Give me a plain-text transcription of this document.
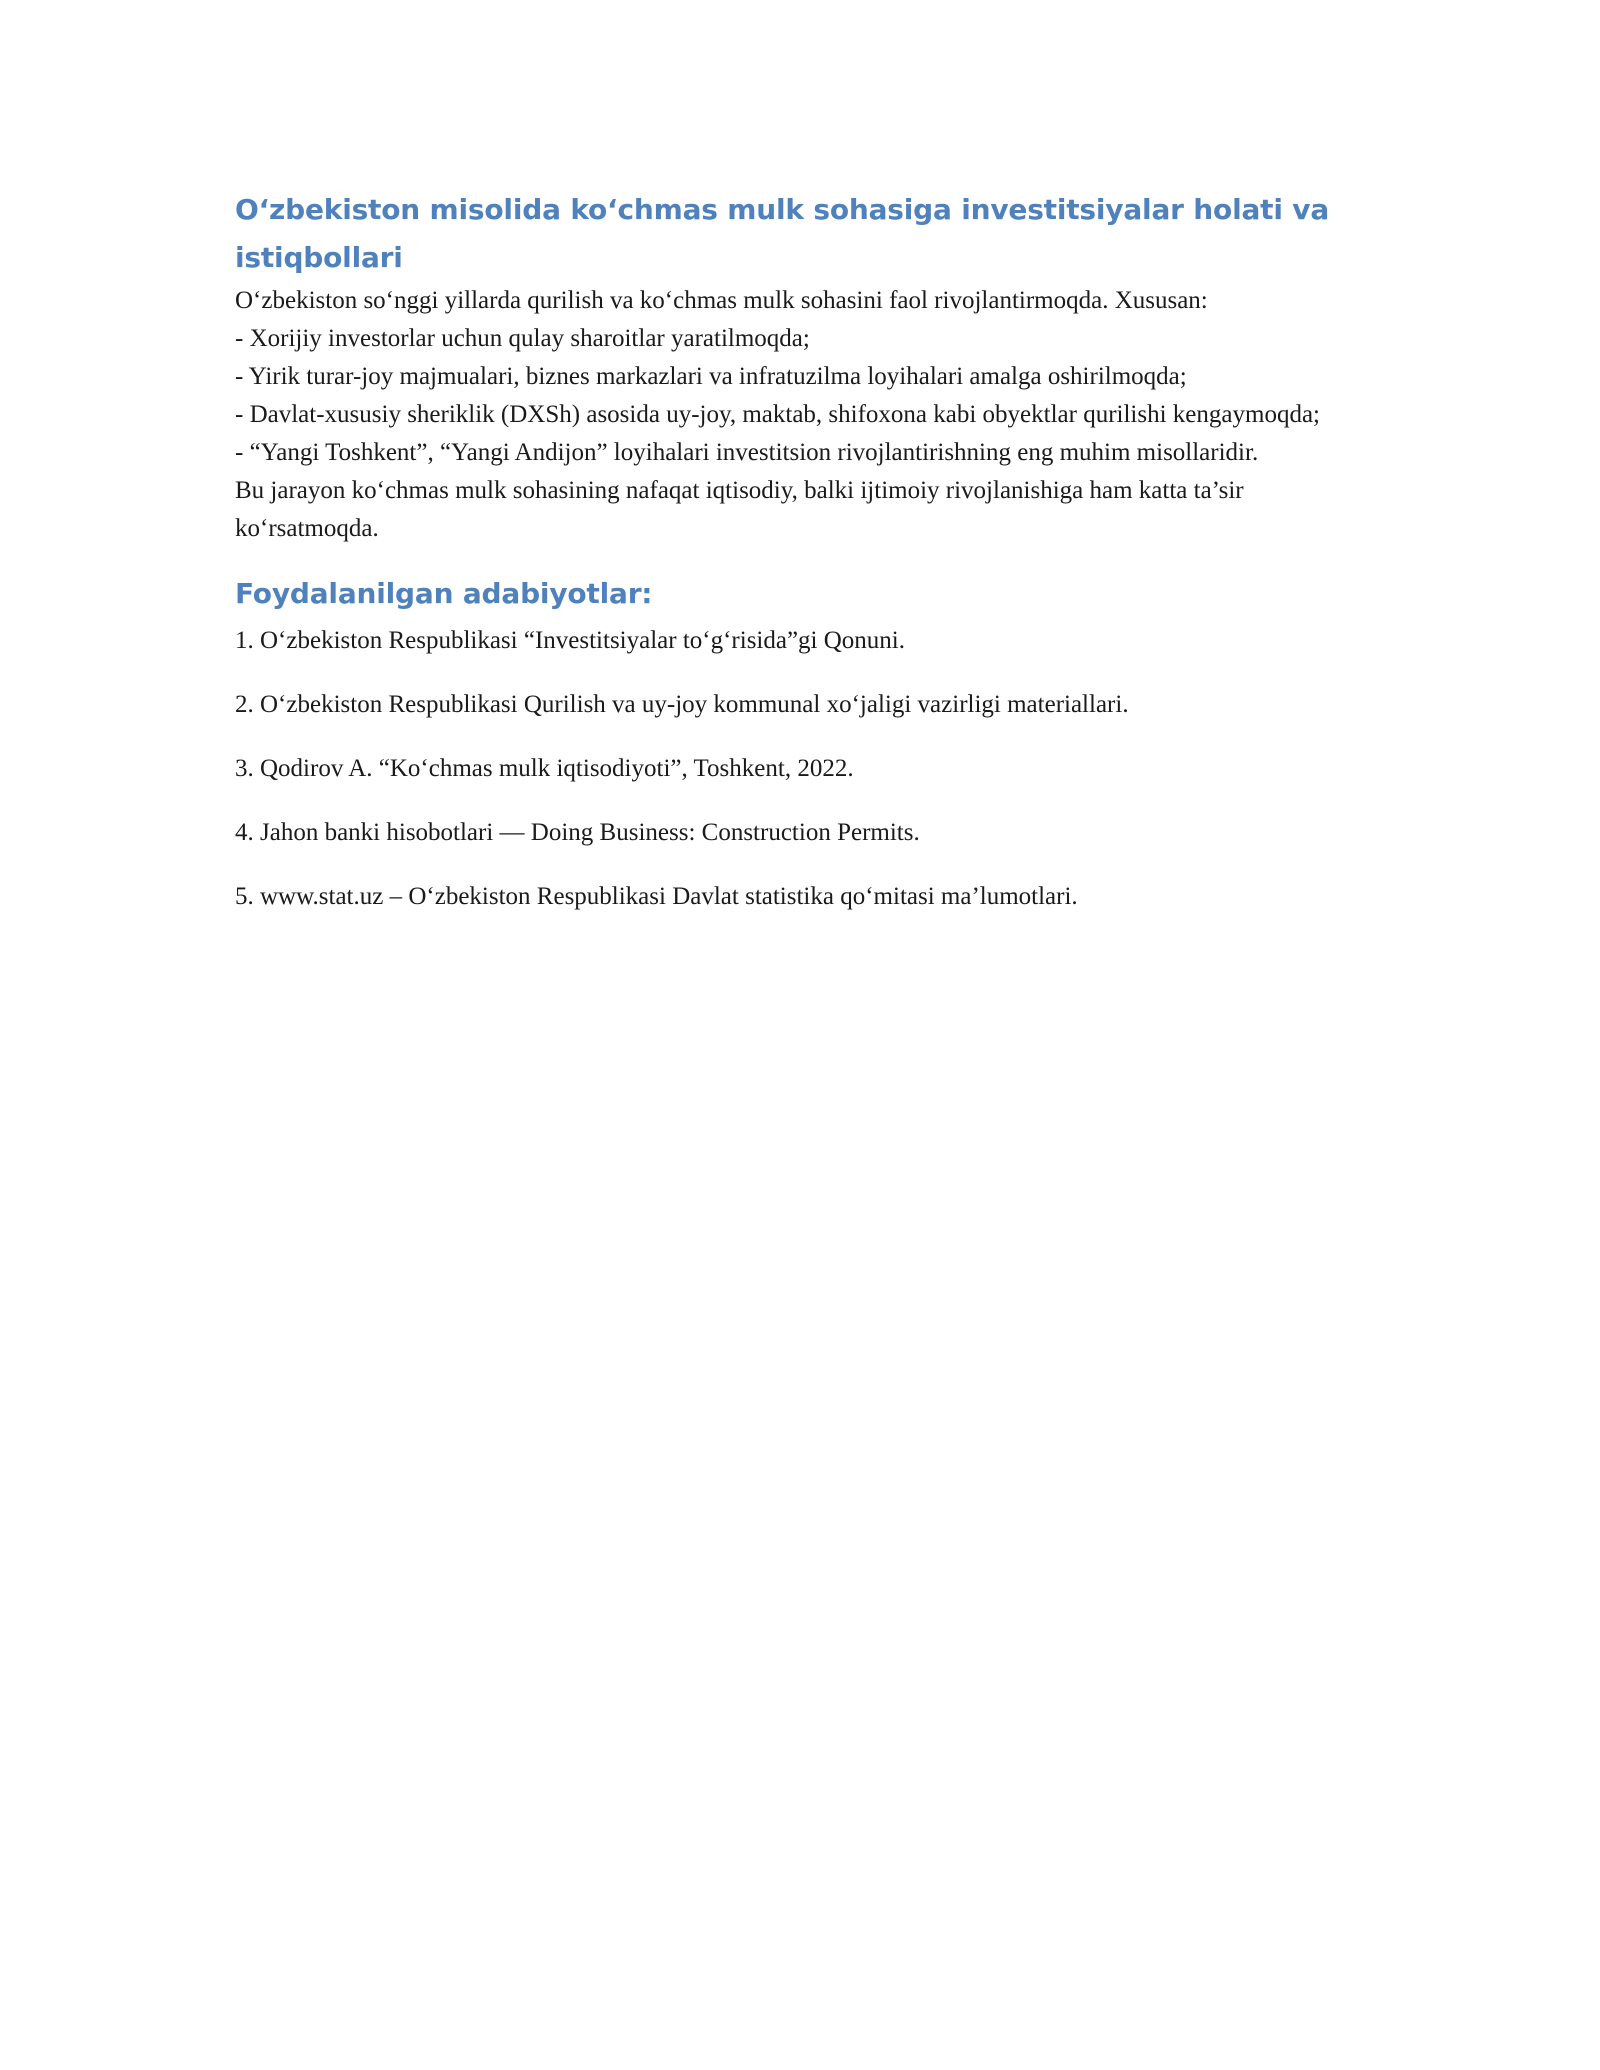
O‘zbekiston misolida ko‘chmas mulk sohasiga investitsiyalar holati va istiqbollari
O‘zbekiston so‘nggi yillarda qurilish va ko‘chmas mulk sohasini faol rivojlantirmoqda. Xususan:
- Xorijiy investorlar uchun qulay sharoitlar yaratilmoqda;
- Yirik turar-joy majmualari, biznes markazlari va infratuzilma loyihalari amalga oshirilmoqda;
- Davlat-xususiy sheriklik (DXSh) asosida uy-joy, maktab, shifoxona kabi obyektlar qurilishi kengaymoqda;
- “Yangi Toshkent”, “Yangi Andijon” loyihalari investitsion rivojlantirishning eng muhim misollaridir.
Bu jarayon ko‘chmas mulk sohasining nafaqat iqtisodiy, balki ijtimoiy rivojlanishiga ham katta ta’sir ko‘rsatmoqda.
Foydalanilgan adabiyotlar:
1. O‘zbekiston Respublikasi “Investitsiyalar to‘g‘risida”gi Qonuni.
2. O‘zbekiston Respublikasi Qurilish va uy-joy kommunal xo‘jaligi vazirligi materiallari.
3. Qodirov A. “Ko‘chmas mulk iqtisodiyoti”, Toshkent, 2022.
4. Jahon banki hisobotlari — Doing Business: Construction Permits.
5. www.stat.uz – O‘zbekiston Respublikasi Davlat statistika qo‘mitasi ma’lumotlari.
